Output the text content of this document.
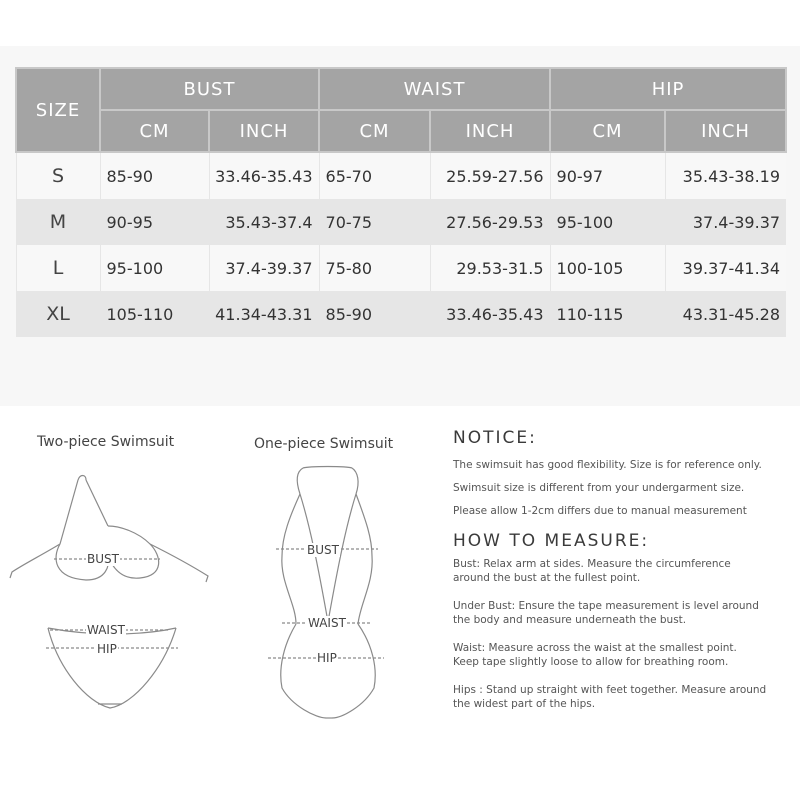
SIZE	BUST		WAIST		HIP	
	CM	INCH	CM	INCH	CM	INCH
S	85-90	33.46-35.43	65-70	25.59-27.56	90-97	35.43-38.19
M	90-95	35.43-37.4	70-75	27.56-29.53	95-100	37.4-39.37
L	95-100	37.4-39.37	75-80	29.53-31.5	100-105	39.37-41.34
XL	105-110	41.34-43.31	85-90	33.46-35.43	110-115	43.31-45.28
Two-piece Swimsuit	One-piece Swimsuit
BUST
WAIST
HIP
BUST
WAIST
HIP
NOTICE:

The swimsuit has good flexibility. Size is for reference only.

Swimsuit size is different from your undergarment size.

Please allow 1-2cm differs due to manual measurement

HOW TO MEASURE:

Bust: Relax arm at sides. Measure the circumference

around the bust at the fullest point.

Under Bust: Ensure the tape measurement is level around

the body and measure underneath the bust.

Waist: Measure across the waist at the smallest point.

Keep tape slightly loose to allow for breathing room.

Hips : Stand up straight with feet together. Measure around

the widest part of the hips.
